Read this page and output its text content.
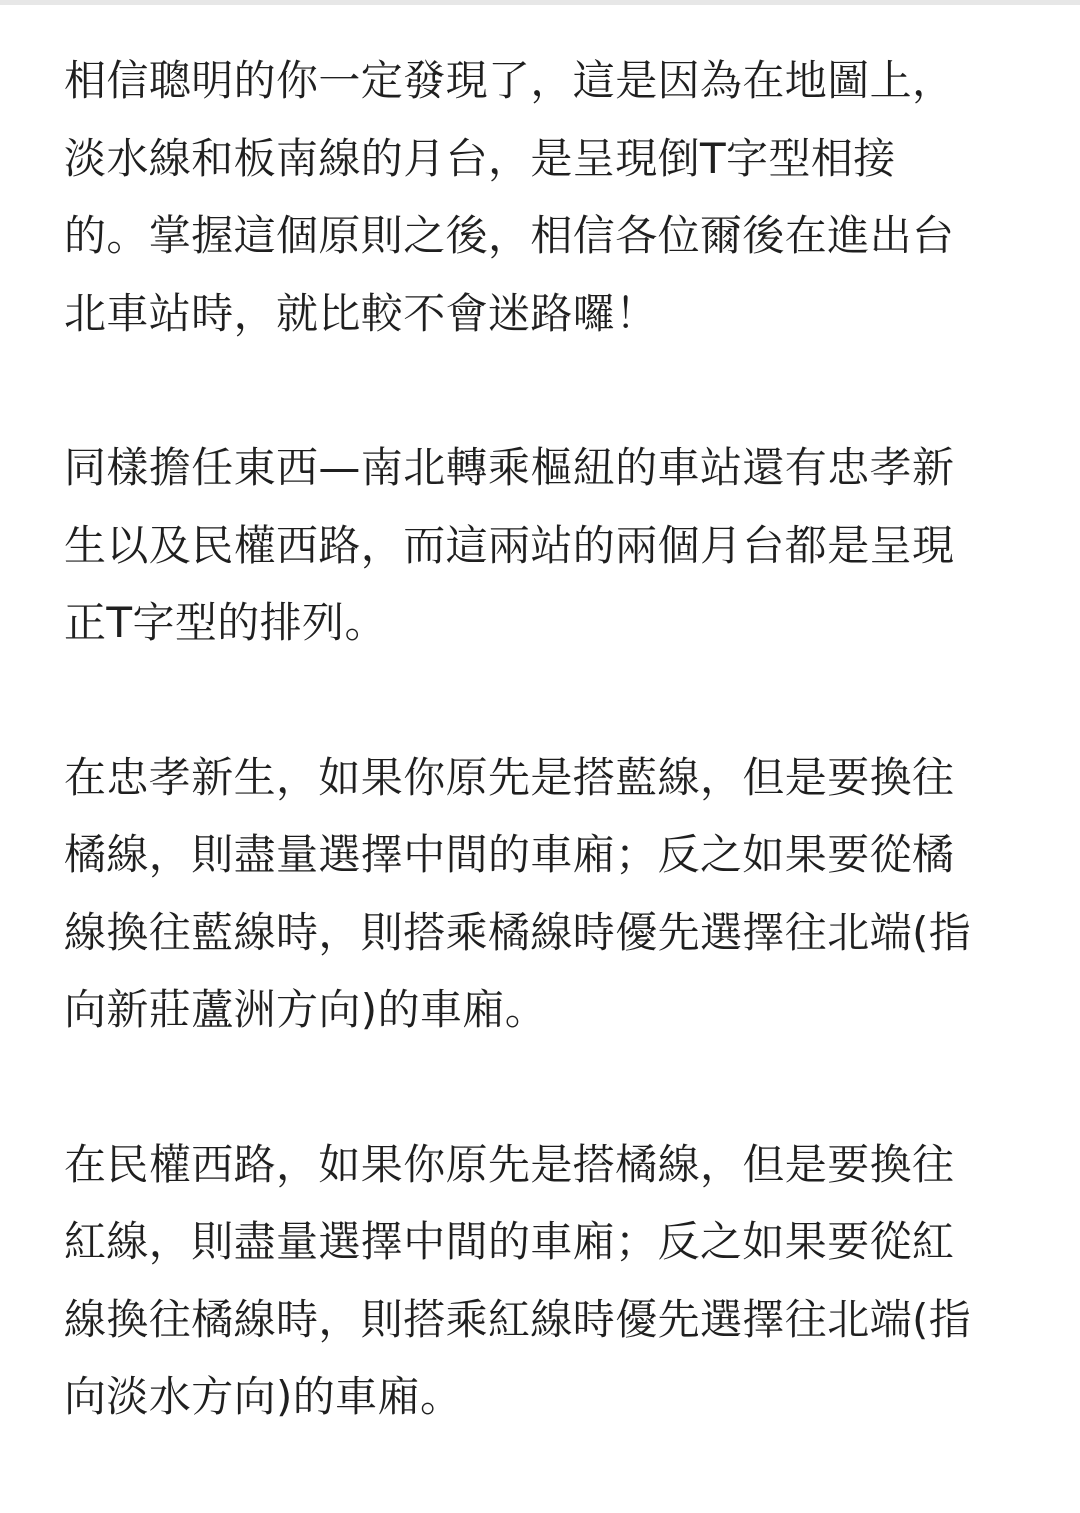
相信聰明的你一定發現了，這是因為在地圖上，
淡水線和板南線的月台，是呈現倒T字型相接
的。掌握這個原則之後，相信各位爾後在進出台
北車站時，就比較不會迷路囉！

同樣擔任東西—南北轉乘樞紐的車站還有忠孝新
生以及民權西路，而這兩站的兩個月台都是呈現
正T字型的排列。

在忠孝新生，如果你原先是搭藍線，但是要換往
橘線，則盡量選擇中間的車廂；反之如果要從橘
線換往藍線時，則搭乘橘線時優先選擇往北端(指
向新莊蘆洲方向)的車廂。

在民權西路，如果你原先是搭橘線，但是要換往
紅線，則盡量選擇中間的車廂；反之如果要從紅
線換往橘線時，則搭乘紅線時優先選擇往北端(指
向淡水方向)的車廂。
